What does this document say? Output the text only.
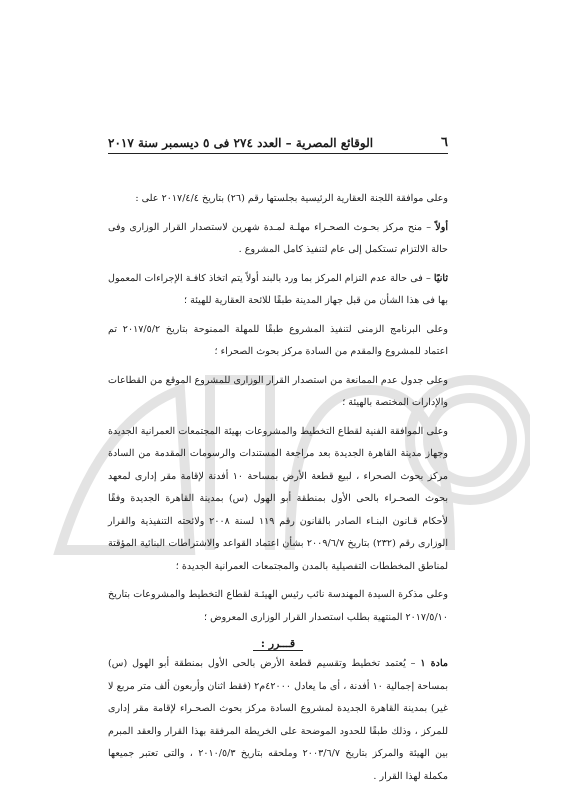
٦
الوقائع المصرية – العدد ٢٧٤ فى ٥ ديسمبر سنة ٢٠١٧

وعلى موافقة اللجنة العقارية الرئيسية بجلستها رقم (٢٦) بتاريخ ٢٠١٧/٤/٤ على :

أولاً – منح مركز بحـوث الصحـراء مهلـة لمـدة شهرين لاستصدار القرار الوزارى وفى حالة الالتزام تستكمل إلى عام لتنفيذ كامل المشروع .

ثانيًا – فى حالة عدم التزام المركز بما ورد بالبند أولاً يتم اتخاذ كافـة الإجراءات المعمول بها فى هذا الشأن من قبل جهاز المدينة طبقًا للائحة العقارية للهيئة ؛

وعلى البرنامج الزمنى لتنفيذ المشروع طبقًا للمهلة الممنوحة بتاريخ ٢٠١٧/٥/٢ تم اعتماد للمشروع والمقدم من السادة مركز بحوث الصحراء ؛

وعلى جدول عدم الممانعة من استصدار القرار الوزارى للمشروع الموقع من القطاعات والإدارات المختصة بالهيئة ؛

وعلى الموافقة الفنية لقطاع التخطيط والمشروعات بهيئة المجتمعات العمرانية الجديدة وجهاز مدينة القاهرة الجديدة بعد مراجعة المستندات والرسومات المقدمة من السادة مركز بحوث الصحراء ، لبيع قطعة الأرض بمساحة ١٠ أفدنة لإقامة مقر إدارى لمعهد بحوث الصحـراء بالحى الأول بمنطقة أبو الهول (س) بمدينة القاهرة الجديدة وفقًا لأحكام قـانون البنـاء الصادر بالقانون رقم ١١٩ لسنة ٢٠٠٨ ولائحته التنفيذية والقرار الوزارى رقم (٢٣٢) بتاريخ ٢٠٠٩/٦/٧ بشأن اعتماد القواعد والاشتراطات البنائية المؤقتة لمناطق المخططات التفصيلية بالمدن والمجتمعات العمرانية الجديدة ؛

وعلى مذكرة السيدة المهندسة نائب رئيس الهيئـة لقطاع التخطيط والمشروعات بتاريخ ٢٠١٧/٥/١٠ المنتهية بطلب استصدار القرار الوزارى المعروض ؛

قـــرر :

مادة ١ – يُعتمد تخطيط وتقسيم قطعة الأرض بالحى الأول بمنطقة أبو الهول (س) بمساحة إجمالية ١٠ أفدنة ، أى ما يعادل ٤٢٠٠٠م٢ (فقط اثنان وأربعون ألف متر مربع لا غير) بمدينة القاهرة الجديدة لمشروع السادة مركز بحوث الصحـراء لإقامة مقر إدارى للمركز ، وذلك طبقًا للحدود الموضحة على الخريطة المرفقة بهذا القرار والعقد المبرم بين الهيئة والمركز بتاريخ ٢٠٠٣/٦/٧ وملحقه بتاريخ ٢٠١٠/٥/٣ ، والتى تعتبر جميعها مكملة لهذا القرار .
